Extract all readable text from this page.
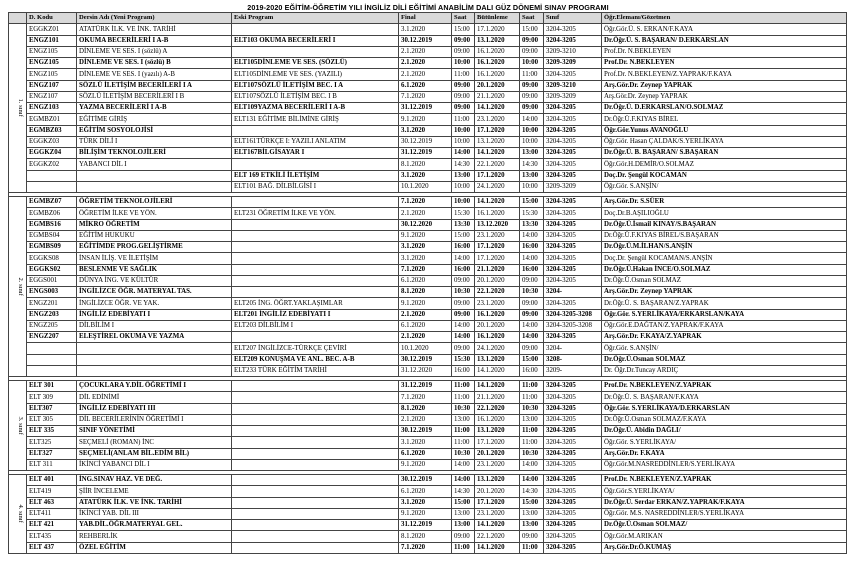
2019-2020 EĞİTİM-ÖĞRETİM YILI İNGİLİZ DİLİ EĞİTİMİ ANABİLİM DALI GÜZ DÖNEMİ SINAV PROGRAMI
	D. Kodu	Dersin Adı (Yeni Program)	Eski Program	Final	Saat	Bütünleme	Saat	Sınıf	Öğr.Elemanı/Gözetmen
1. sınıf	EGGKZ01	ATATÜRK İLK. VE İNK. TARİHİ		3.1.2020	15:00	17.1.2020	15:00	3204-3205	Öğr.Gör.Ü. S. ERKAN/F.KAYA
	ENGZ101	OKUMA BECERİLERİ I A-B	ELT103 OKUMA BECERİLERİ I	30.12.2019	09:00	13.1.2020	09:00	3204-3205	Dr.Öğr.Ü. S. BAŞARAN/ D.ERKARSLAN
	ENGZ105	DİNLEME VE SES. I (sözlü) A		2.1.2020	09:00	16.1.2020	09:00	3209-3210	Prof.Dr. N.BEKLEYEN
	ENGZ105	DİNLEME VE SES. I (sözlü) B	ELT105DİNLEME VE SES. (SÖZLÜ)	2.1.2020	10:00	16.1.2020	10:00	3209-3209	Prof.Dr. N.BEKLEYEN
	ENGZ105	DİNLEME VE SES. I (yazılı) A-B	ELT105DİNLEME VE SES. (YAZILI)	2.1.2020	11:00	16.1.2020	11:00	3204-3205	Prof.Dr. N.BEKLEYEN/Z.YAPRAK/F.KAYA
	ENGZ107	SÖZLÜ İLETİŞİM BECERİLERİ I A	ELT107SÖZLÜ İLETİŞİM BEC. I A	6.1.2020	09:00	20.1.2020	09:00	3209-3210	Arş.Gör.Dr. Zeynep YAPRAK
	ENGZ107	SÖZLÜ İLETİŞİM BECERİLERİ I B	ELT107SÖZLÜ İLETİŞİM BEC. I B	7.1.2020	09:00	21.1.2020	09:00	3209-3209	Arş.Gör.Dr. Zeynep YAPRAK
	ENGZ103	YAZMA BECERİLERİ I A-B	ELT109YAZMA BECERİLERİ I A-B	31.12.2019	09:00	14.1.2020	09:00	3204-3205	Dr.Öğr.Ü. D.ERKARSLAN/O.SOLMAZ
	EGMBZ01	EĞİTİME GİRİŞ	ELT131 EĞİTİME BİLİMİNE GİRİŞ	9.1.2020	11:00	23.1.2020	14:00	3204-3205	Dr.Öğr.Ü.F.KIYAS BİREL
	EGMBZ03	EĞİTİM SOSYOLOJİSİ		3.1.2020	10:00	17.1.2020	10:00	3204-3205	Öğr.Gör.Yunus AVANOĞLU
	EGGKZ03	TÜRK DİLİ I	ELT161TÜRKÇE I: YAZILI ANLATIM	30.12.2019	10:00	13.1.2020	10:00	3204-3205	Öğr.Gör. Hasan ÇALDAK/S.YERLİKAYA
	EGGKZ04	BİLİŞİM TEKNOLOJİLERİ	ELT167BİLGİSAYAR I	31.12.2019	14:00	14.1.2020	13:00	3204-3205	Dr.Öğr.Ü. B. BAŞARAN/ S.BAŞARAN
	EGGKZ02	YABANCI DİL I		8.1.2020	14:30	22.1.2020	14:30	3204-3205	Öğr.Gör.H.DEMİR/O.SOLMAZ
			ELT 169 ETKİLİ İLETİŞİM	3.1.2020	13:00	17.1.2020	13:00	3204-3205	Doç.Dr. Şengül KOCAMAN
			ELT101 BAĞ. DİLBİLGİSİ I	10.1.2020	10:00	24.1.2020	10:00	3209-3209	Öğr.Gör. S.ANŞİN/

2. sınıf	EGMBZ07	ÖĞRETİM TEKNOLOJİLERİ		7.1.2020	10:00	14.1.2020	15:00	3204-3205	Arş.Gör.Dr. S.SÜER
	EGMBZ06	ÖĞRETİM İLKE VE YÖN.	ELT231 ÖĞRETİM İLKE VE YÖN.	2.1.2020	15:30	16.1.2020	15:30	3204-3205	Doç.Dr.B.AŞILIOĞLU
	EGMBS16	MİKRO ÖĞRETİM		30.12.2020	13:30	13.12.2020	13:30	3204-3205	Dr.Öğr.Ü.İsmail KINAY/S.BAŞARAN
	EGMBS04	EĞİTİM HUKUKU		9.1.2020	15:00	23.1.2020	14:00	3204-3205	Dr.Öğr.Ü.F.KIYAS BİREL/S.BAŞARAN
	EGMBS09	EĞİTİMDE PROG.GELİŞTİRME		3.1.2020	16:00	17.1.2020	16:00	3204-3205	Dr.Öğr.Ü.M.İLHAN/S.ANŞİN
	EGGKS08	İNSAN İLİŞ. VE İLETİŞİM		3.1.2020	14:00	17.1.2020	14:00	3204-3205	Doç.Dr. Şengül KOCAMAN/S.ANŞİN
	EGGKS02	BESLENME VE SAĞLIK		7.1.2020	16:00	21.1.2020	16:00	3204-3205	Dr.Öğr.Ü.Hakan İNCE/O.SOLMAZ
	EGGS001	DÜNYA İNG. VE KÜLTÜR		6.1.2020	09:00	20.1.2020	09:00	3204-3205	Dr.Öğr.Ü.Osman SOLMAZ
	ENGS003	İNGİLİZCE ÖĞR. MATERYAL TAS.		8.1.2020	10:30	22.1.2020	10:30	3204-	Arş.Gör.Dr. Zeynep YAPRAK
	ENGZ201	İNGİLİZCE ÖĞR. VE YAK.	ELT205 İNG. ÖĞRT.YAKLAŞIMLAR	9.1.2020	09:00	23.1.2020	09:00	3204-3205	Dr.Öğr.Ü. S. BAŞARAN/Z.YAPRAK
	ENGZ203	İNGİLİZ EDEBİYATI I	ELT201 İNGİLİZ EDEBİYATI I	2.1.2020	09:00	16.1.2020	09:00	3204-3205-3208	Öğr.Gör. S.YERLİKAYA/ERKARSLAN/KAYA
	ENGZ205	DİLBİLİM I	ELT203 DİLBİLİM I	6.1.2020	14:00	20.1.2020	14:00	3204-3205-3208	Öğr.Gör.E.DAĞTAN/Z.YAPRAK/F.KAYA
	ENGZ207	ELEŞTİREL OKUMA VE YAZMA		2.1.2020	14:00	16.1.2020	14:00	3204-3205	Arş.Gör.Dr. F.KAYA/Z.YAPRAK
			ELT207 İNGİLİZCE-TÜRKÇE ÇEVİRİ	10.1.2020	09:00	24.1.2020	09:00	3204-	Öğr.Gör. S.ANŞİN/
			ELT209 KONUŞMA VE ANL. BEC. A-B	30.12.2019	15:30	13.1.2020	15:00	3208-	Dr.Öğr.Ü.Osman SOLMAZ
			ELT233 TÜRK EĞİTİM TARİHİ	31.12.2020	16:00	14.1.2020	16:00	3209-	Dr. Öğr.Dr.Tuncay ARDIÇ

3. sınıf	ELT 301	ÇOCUKLARA Y.DİL ÖĞRETİMİ I		31.12.2019	11:00	14.1.2020	11:00	3204-3205	Prof.Dr. N.BEKLEYEN/Z.YAPRAK
	ELT 309	DİL EDİNİMİ		7.1.2020	11:00	21.1.2020	11:00	3204-3205	Dr.Öğr.Ü. S. BAŞARAN/F.KAYA
	ELT307	İNGİLİZ EDEBİYATI III		8.1.2020	10:30	22.1.2020	10:30	3204-3205	Öğr.Gör. S.YERLİKAYA/D.ERKARSLAN
	ELT 305	DİL BECERİLERİNİN ÖĞRETİMİ I		2.1.2020	13:00	16.1.2020	13:00	3204-3205	Dr.Öğr.Ü.Osman SOLMAZ/F.KAYA
	ELT 335	SINIF YÖNETİMİ		30.12.2019	11:00	13.1.2020	11:00	3204-3205	Dr.Öğr.Ü. Abidin DAĞLI/
	ELT325	SEÇMELİ (ROMAN) İNC		3.1.2020	11:00	17.1.2020	11:00	3204-3205	Öğr.Gör. S.YERLİKAYA/
	ELT327	SEÇMELİ(ANLAM BİL.EDİM BİL)		6.1.2020	10:30	20.1.2020	10:30	3204-3205	Arş.Gör.Dr. F.KAYA
	ELT 311	İKİNCİ YABANCI DİL I		9.1.2020	14:00	23.1.2020	14:00	3204-3205	Öğr.Gör.M.NASREDDİNLER/S.YERLİKAYA

4. sınıf	ELT 401	İNG.SINAV HAZ. VE DEĞ.		30.12.2019	14:00	13.1.2020	14:00	3204-3205	Prof.Dr. N.BEKLEYEN/Z.YAPRAK
	ELT419	ŞİİR İNCELEME		6.1.2020	14:30	20.1.2020	14:30	3204-3205	Öğr.Gör.S.YERLİKAYA/
	ELT 463	ATATÜRK İLK. VE İNK. TARİHİ		3.1.2020	15:00	17.1.2020	15:00	3204-3205	Dr.Öğr.Ü. Serdar ERKAN/Z.YAPRAK/F.KAYA
	ELT411	İKİNCİ YAB. DİL III		9.1.2020	13:00	23.1.2020	13:00	3204-3205	Öğr.Gör. M.S. NASREDDİNLER/S.YERLİKAYA
	ELT 421	YAB.DİL.ÖĞR.MATERYAL GEL.		31.12.2019	13:00	14.1.2020	13:00	3204-3205	Dr.Öğr.Ü.Osman SOLMAZ/
	ELT435	REHBERLİK		8.1.2020	09:00	22.1.2020	09:00	3204-3205	Öğr.Gör.M.ARIKAN
	ELT 437	ÖZEL EĞİTİM		7.1.2020	11:00	14.1.2020	11:00	3204-3205	Arş.Gör.Dr.Ö.KUMAŞ
